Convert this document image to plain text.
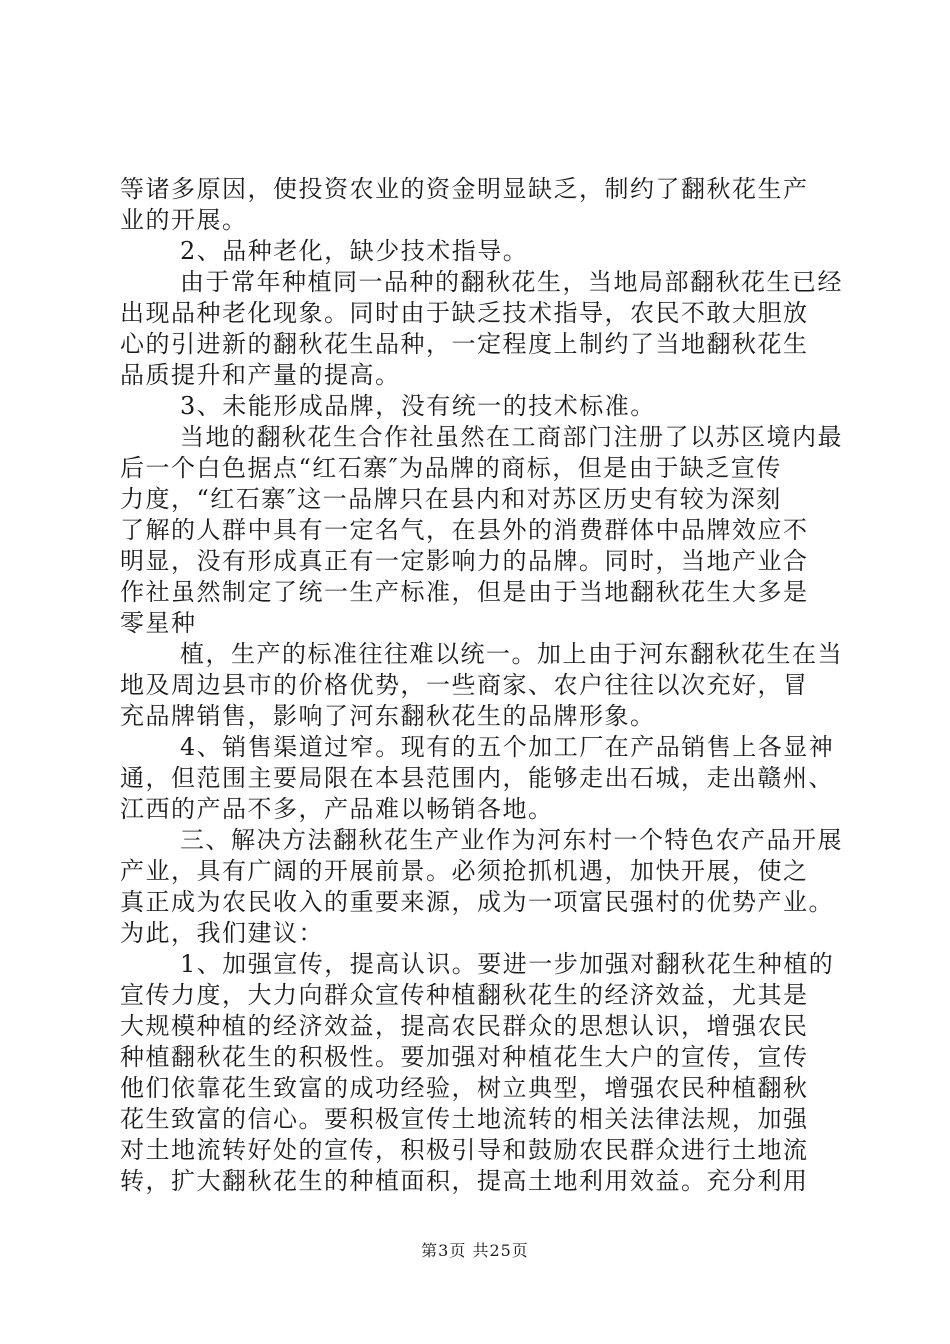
等诸多原因，使投资农业的资金明显缺乏，制约了翻秋花生产
业的开展。
2、品种老化，缺少技术指导。
由于常年种植同一品种的翻秋花生，当地局部翻秋花生已经
出现品种老化现象。同时由于缺乏技术指导，农民不敢大胆放
心的引进新的翻秋花生品种，一定程度上制约了当地翻秋花生
品质提升和产量的提高。
3、未能形成品牌，没有统一的技术标准。
当地的翻秋花生合作社虽然在工商部门注册了以苏区境内最
后一个白色据点“红石寨″为品牌的商标，但是由于缺乏宣传
力度，“红石寨″这一品牌只在县内和对苏区历史有较为深刻
了解的人群中具有一定名气，在县外的消费群体中品牌效应不
明显，没有形成真正有一定影响力的品牌。同时，当地产业合
作社虽然制定了统一生产标准，但是由于当地翻秋花生大多是
零星种
植，生产的标准往往难以统一。加上由于河东翻秋花生在当
地及周边县市的价格优势，一些商家、农户往往以次充好，冒
充品牌销售，影响了河东翻秋花生的品牌形象。
4、销售渠道过窄。现有的五个加工厂在产品销售上各显神
通，但范围主要局限在本县范围内，能够走出石城，走出赣州、
江西的产品不多，产品难以畅销各地。
三、解决方法翻秋花生产业作为河东村一个特色农产品开展
产业，具有广阔的开展前景。必须抢抓机遇，加快开展，使之
真正成为农民收入的重要来源，成为一项富民强村的优势产业。
为此，我们建议：
1、加强宣传，提高认识。要进一步加强对翻秋花生种植的
宣传力度，大力向群众宣传种植翻秋花生的经济效益，尤其是
大规模种植的经济效益，提高农民群众的思想认识，增强农民
种植翻秋花生的积极性。要加强对种植花生大户的宣传，宣传
他们依靠花生致富的成功经验，树立典型，增强农民种植翻秋
花生致富的信心。要积极宣传土地流转的相关法律法规，加强
对土地流转好处的宣传，积极引导和鼓励农民群众进行土地流
转，扩大翻秋花生的种植面积，提高土地利用效益。充分利用
第3页 共25页
